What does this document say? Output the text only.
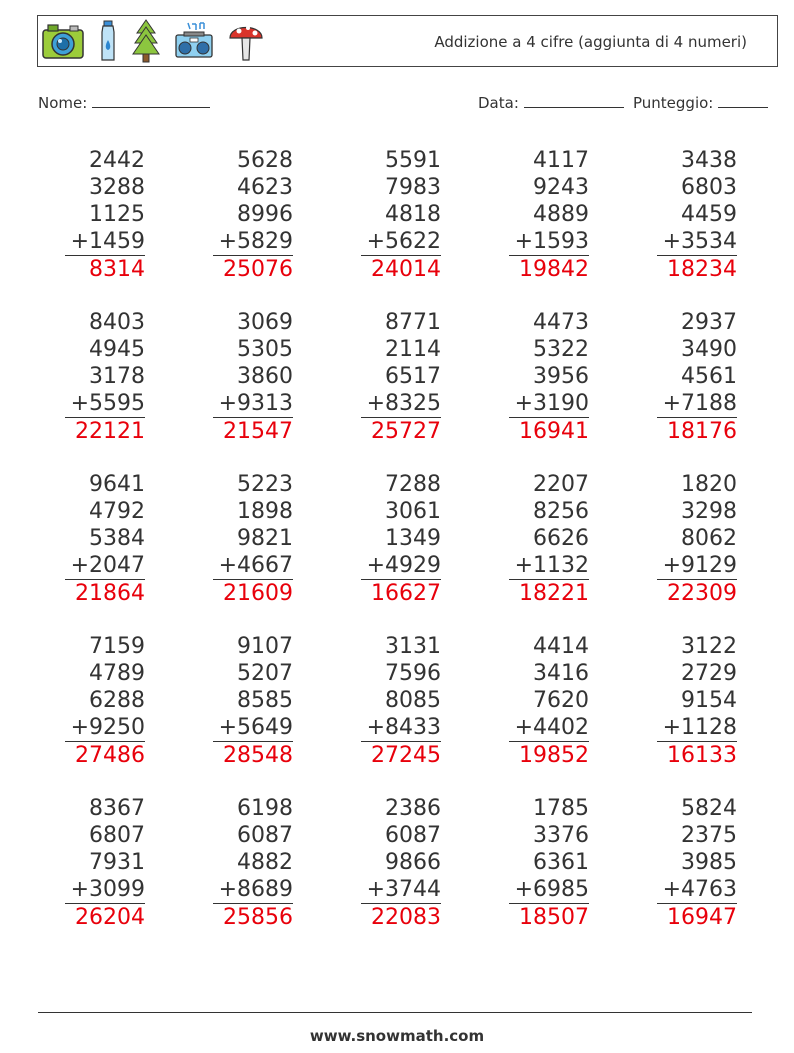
Addizione a 4 cifre (aggiunta di 4 numeri)
Nome:	Data:	Punteggio:
2442
3288
1125
+1459
8314
5628
4623
8996
+5829
25076
5591
7983
4818
+5622
24014
4117
9243
4889
+1593
19842
3438
6803
4459
+3534
18234
8403
4945
3178
+5595
22121
3069
5305
3860
+9313
21547
8771
2114
6517
+8325
25727
4473
5322
3956
+3190
16941
2937
3490
4561
+7188
18176
9641
4792
5384
+2047
21864
5223
1898
9821
+4667
21609
7288
3061
1349
+4929
16627
2207
8256
6626
+1132
18221
1820
3298
8062
+9129
22309
7159
4789
6288
+9250
27486
9107
5207
8585
+5649
28548
3131
7596
8085
+8433
27245
4414
3416
7620
+4402
19852
3122
2729
9154
+1128
16133
8367
6807
7931
+3099
26204
6198
6087
4882
+8689
25856
2386
6087
9866
+3744
22083
1785
3376
6361
+6985
18507
5824
2375
3985
+4763
16947
www.snowmath.com
